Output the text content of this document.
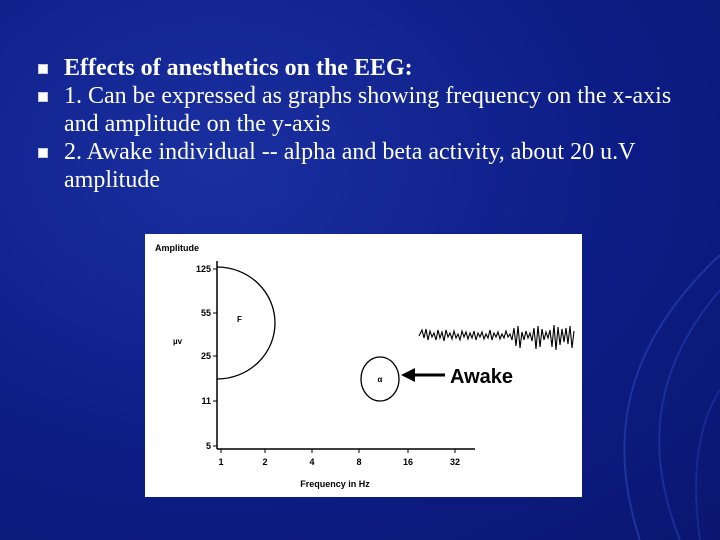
Effects of anesthetics on the EEG:
1. Can be expressed as graphs showing frequency on the x-axis and amplitude on the y-axis
2. Awake individual -- alpha and beta activity, about 20 u.V amplitude
Amplitude
125
55
25
11
5
µv
1	2	4	8	16	32
Frequency in Hz
F
α	Awake
